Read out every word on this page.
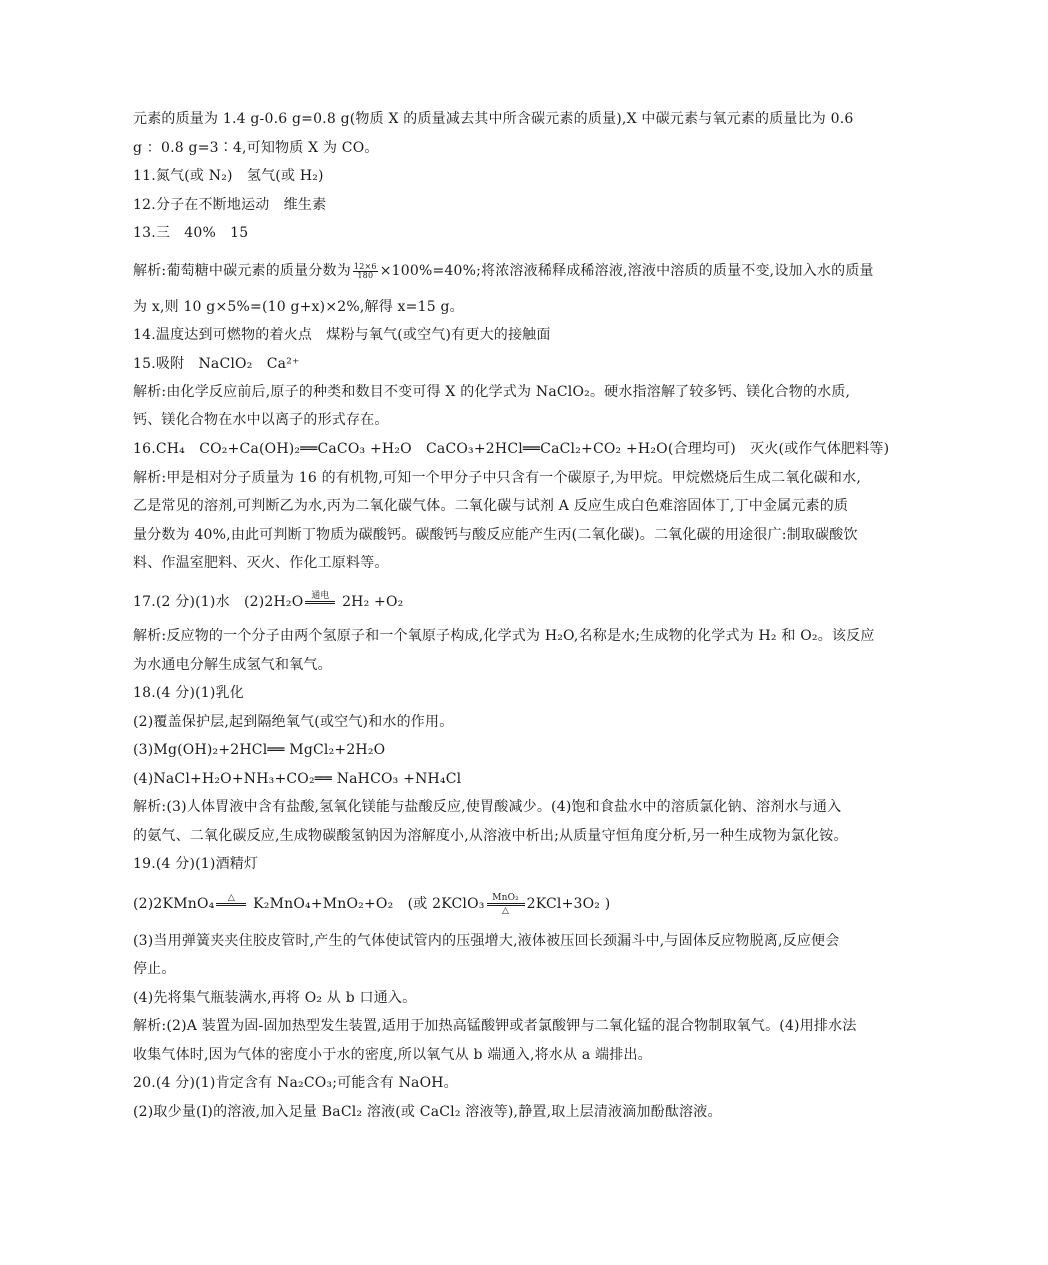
元素的质量为 1.4 g-0.6 g=0.8 g(物质 X 的质量减去其中所含碳元素的质量),X 中碳元素与氧元素的质量比为 0.6
g ：0.8 g=3∶4,可知物质 X 为 CO。
11.氮气(或 N₂)　氢气(或 H₂)
12.分子在不断地运动　维生素
13.三　40%　15
解析:葡萄糖中碳元素的质量分数为 $\frac{12\times 6}{180} \times 100\%=40\%$;将浓溶液稀释成稀溶液,溶液中溶质的质量不变,设加入水的质量
为 x,则 10 g×5%=(10 g+x)×2%,解得 x=15 g。
14.温度达到可燃物的着火点　煤粉与氧气(或空气)有更大的接触面
15.吸附　NaClO₂　Ca²⁺
解析:由化学反应前后,原子的种类和数目不变可得 X 的化学式为 NaClO₂。硬水指溶解了较多钙、镁化合物的水质,
钙、镁化合物在水中以离子的形式存在。
16.CH₄　CO₂+Ca(OH)₂══CaCO₃ +H₂O　CaCO₃+2HCl══CaCl₂+CO₂ +H₂O(合理均可)　灭火(或作气体肥料等)
解析:甲是相对分子质量为 16 的有机物,可知一个甲分子中只含有一个碳原子,为甲烷。甲烷燃烧后生成二氧化碳和水,
乙是常见的溶剂,可判断乙为水,丙为二氧化碳气体。二氧化碳与试剂 A 反应生成白色难溶固体丁,丁中金属元素的质
量分数为 40%,由此可判断丁物质为碳酸钙。碳酸钙与酸反应能产生丙(二氧化碳)。二氧化碳的用途很广:制取碳酸饮
料、作温室肥料、灭火、作化工原料等。
17.(2 分)(1)水　(2)2H₂O 通电 2H₂ +O₂
解析:反应物的一个分子由两个氢原子和一个氧原子构成,化学式为 H₂O,名称是水;生成物的化学式为 H₂ 和 O₂。该反应
为水通电分解生成氢气和氧气。
18.(4 分)(1)乳化
(2)覆盖保护层,起到隔绝氧气(或空气)和水的作用。
(3)Mg(OH)₂+2HCl══ MgCl₂+2H₂O
(4)NaCl+H₂O+NH₃+CO₂══ NaHCO₃ +NH₄Cl
解析:(3)人体胃液中含有盐酸,氢氧化镁能与盐酸反应,使胃酸减少。(4)饱和食盐水中的溶质氯化钠、溶剂水与通入
的氨气、二氧化碳反应,生成物碳酸氢钠因为溶解度小,从溶液中析出;从质量守恒角度分析,另一种生成物为氯化铵。
19.(4 分)(1)酒精灯
(2)2KMnO₄	△ K₂MnO₄+MnO₂+O₂　(或 2KClO₃ MnO₂
△	2KCl+3O₂ )
(3)当用弹簧夹夹住胶皮管时,产生的气体使试管内的压强增大,液体被压回长颈漏斗中,与固体反应物脱离,反应便会
停止。
(4)先将集气瓶装满水,再将 O₂ 从 b 口通入。
解析:(2)A 装置为固-固加热型发生装置,适用于加热高锰酸钾或者氯酸钾与二氧化锰的混合物制取氧气。(4)用排水法
收集气体时,因为气体的密度小于水的密度,所以氧气从 b 端通入,将水从 a 端排出。
20.(4 分)(1)肯定含有 Na₂CO₃;可能含有 NaOH。
(2)取少量(Ⅰ)的溶液,加入足量 BaCl₂ 溶液(或 CaCl₂ 溶液等),静置,取上层清液滴加酚酞溶液。
